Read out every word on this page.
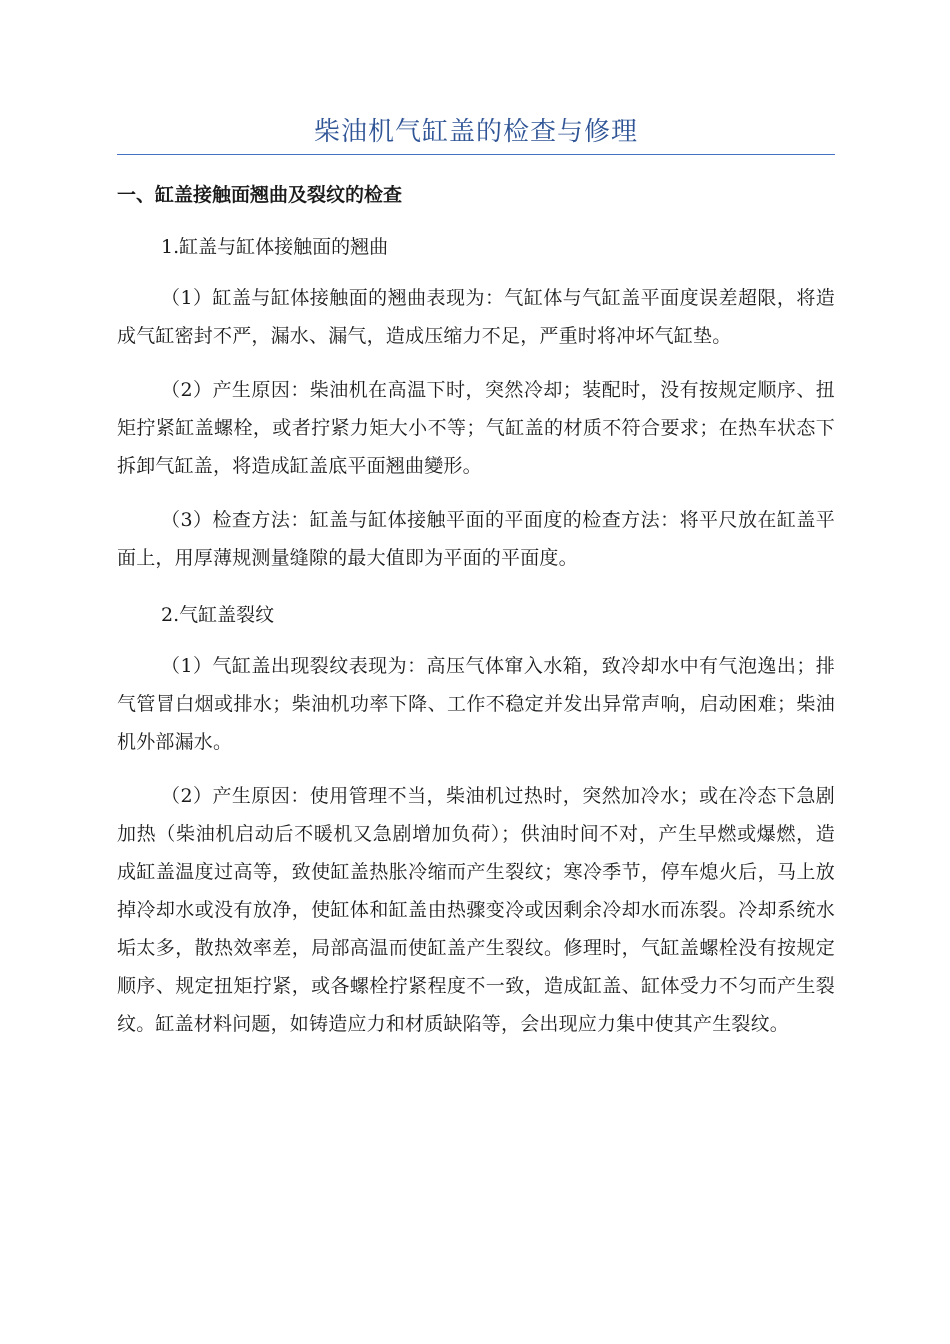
柴油机气缸盖的检查与修理
一、缸盖接触面翘曲及裂纹的检查

1.缸盖与缸体接触面的翘曲

（1）缸盖与缸体接触面的翘曲表现为：气缸体与气缸盖平面度误差超限，将造成气缸密封不严，漏水、漏气，造成压缩力不足，严重时将冲坏气缸垫。

（2）产生原因：柴油机在高温下时，突然冷却；装配时，没有按规定顺序、扭矩拧紧缸盖螺栓，或者拧紧力矩大小不等；气缸盖的材质不符合要求；在热车状态下拆卸气缸盖，将造成缸盖底平面翘曲變形。

（3）检查方法：缸盖与缸体接触平面的平面度的检查方法：将平尺放在缸盖平面上，用厚薄规测量缝隙的最大值即为平面的平面度。

2.气缸盖裂纹

（1）气缸盖出现裂纹表现为：高压气体窜入水箱，致冷却水中有气泡逸出；排气管冒白烟或排水；柴油机功率下降、工作不稳定并发出异常声响，启动困难；柴油机外部漏水。

（2）产生原因：使用管理不当，柴油机过热时，突然加冷水；或在冷态下急剧加热（柴油机启动后不暖机又急剧增加负荷）；供油时间不对，产生早燃或爆燃，造成缸盖温度过高等，致使缸盖热胀冷缩而产生裂纹；寒冷季节，停车熄火后，马上放掉冷却水或没有放净，使缸体和缸盖由热骤变冷或因剩余冷却水而冻裂。冷却系统水垢太多，散热效率差，局部高温而使缸盖产生裂纹。修理时，气缸盖螺栓没有按规定顺序、规定扭矩拧紧，或各螺栓拧紧程度不一致，造成缸盖、缸体受力不匀而产生裂纹。缸盖材料问题，如铸造应力和材质缺陷等，会出现应力集中使其产生裂纹。
